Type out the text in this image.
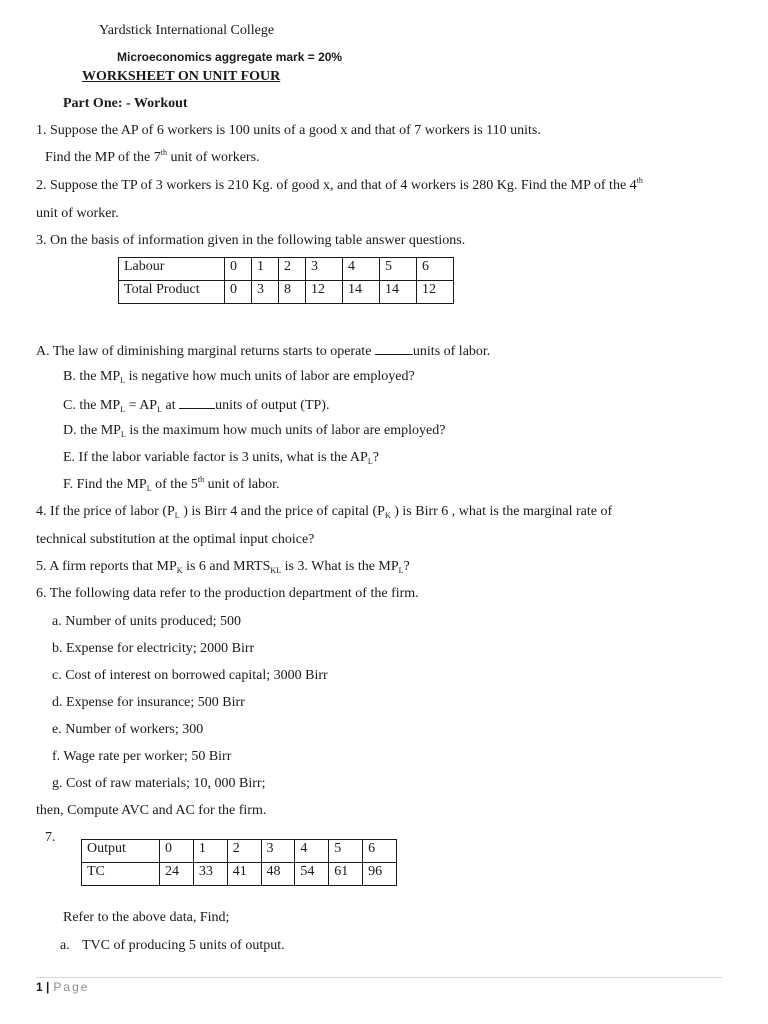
Yardstick International College
Microeconomics aggregate mark = 20%
WORKSHEET ON UNIT FOUR
Part One: - Workout
1. Suppose the AP of 6 workers is 100 units of a good x and that of 7 workers is 110 units.
Find the MP of the 7th unit of workers.
2. Suppose the TP of 3 workers is 210 Kg. of good x, and that of 4 workers is 280 Kg. Find the MP of the 4th
unit of worker.
3. On the basis of information given in the following table answer questions.
Labour	0	1	2	3	4	5	6
Total Product	0	3	8	12	14	14	12
A. The law of diminishing marginal returns starts to operate	units of labor.
B. the $MP_L$ is negative how much units of labor are employed?
C. the $MP_L = AP_L$ at	units of output (TP).
D. the $MP_L$ is the maximum how much units of labor are employed?
E. If the labor variable factor is 3 units, what is the $AP_L$?
F. Find the $MP_L$ of the 5th unit of labor.
4. If the price of labor ($P_L$ ) is Birr 4 and the price of capital ($P_K$ ) is Birr 6 , what is the marginal rate of
technical substitution at the optimal input choice?
5. A firm reports that $MP_K$ is 6 and $MRTS_{KL}$ is 3. What is the $MP_L$?
6. The following data refer to the production department of the firm.
a. Number of units produced; 500
b. Expense for electricity; 2000 Birr
c. Cost of interest on borrowed capital; 3000 Birr
d. Expense for insurance; 500 Birr
e. Number of workers; 300
f. Wage rate per worker; 50 Birr
g. Cost of raw materials; 10, 000 Birr;
then, Compute AVC and AC for the firm.
7.
Output	0	1	2	3	4	5	6
TC	24	33	41	48	54	61	96
Refer to the above data, Find;
a. TVC of producing 5 units of output.
1 | Page
